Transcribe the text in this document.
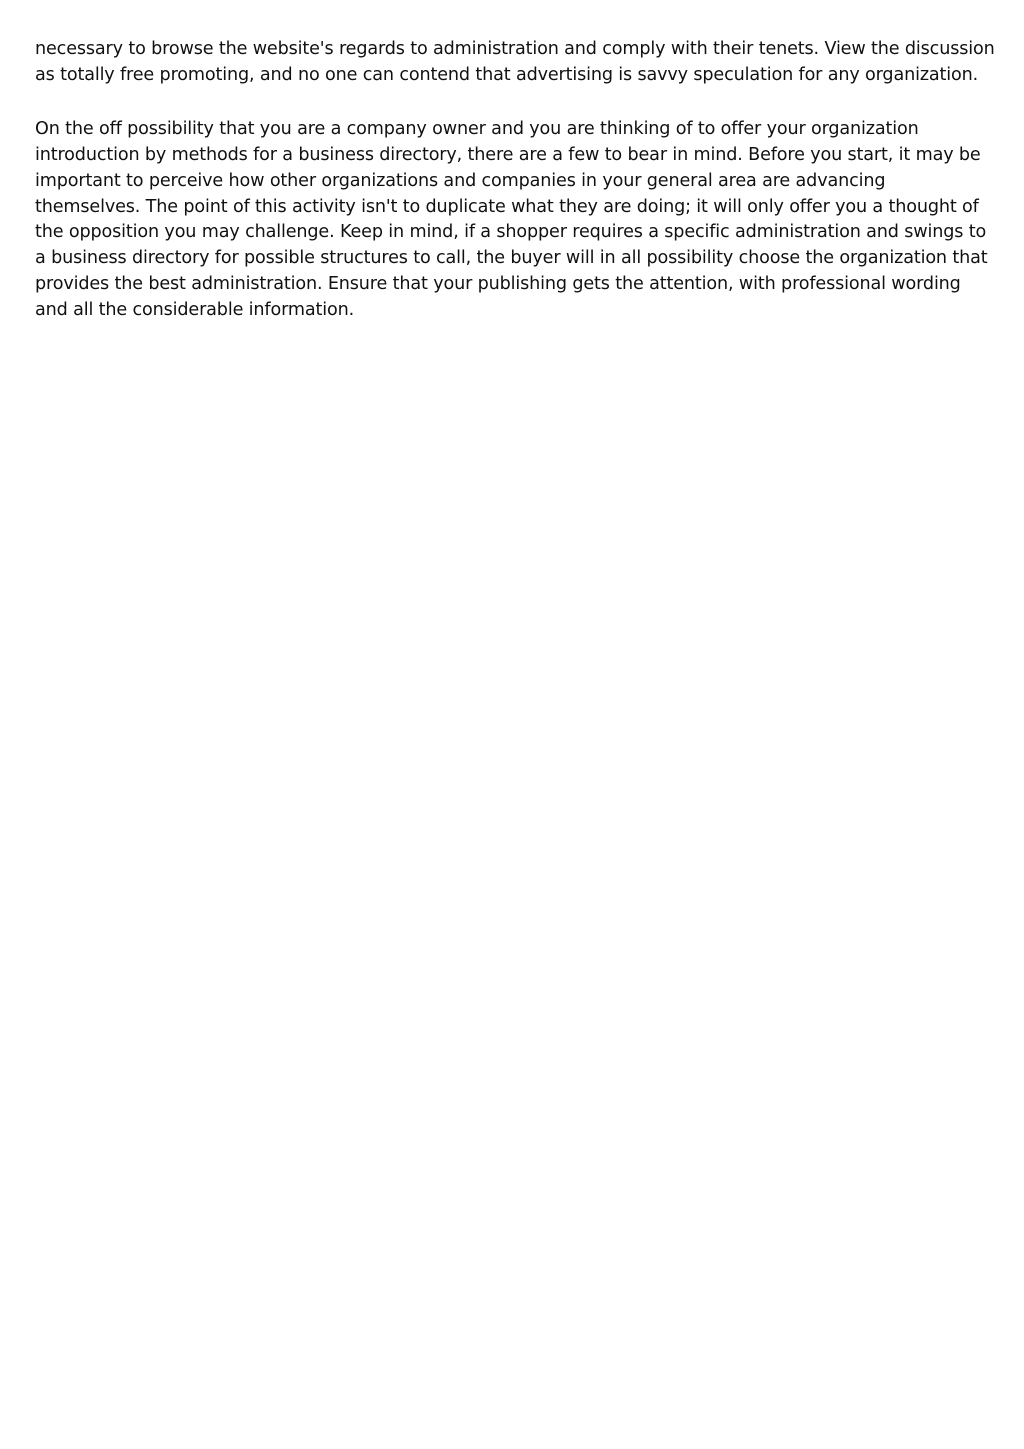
necessary to browse the website's regards to administration and comply with their tenets. View the discussion as totally free promoting, and no one can contend that advertising is savvy speculation for any organization.

On the off possibility that you are a company owner and you are thinking of to offer your organization introduction by methods for a business directory, there are a few to bear in mind. Before you start, it may be important to perceive how other organizations and companies in your general area are advancing themselves. The point of this activity isn't to duplicate what they are doing; it will only offer you a thought of the opposition you may challenge. Keep in mind, if a shopper requires a specific administration and swings to a business directory for possible structures to call, the buyer will in all possibility choose the organization that provides the best administration. Ensure that your publishing gets the attention, with professional wording and all the considerable information.
